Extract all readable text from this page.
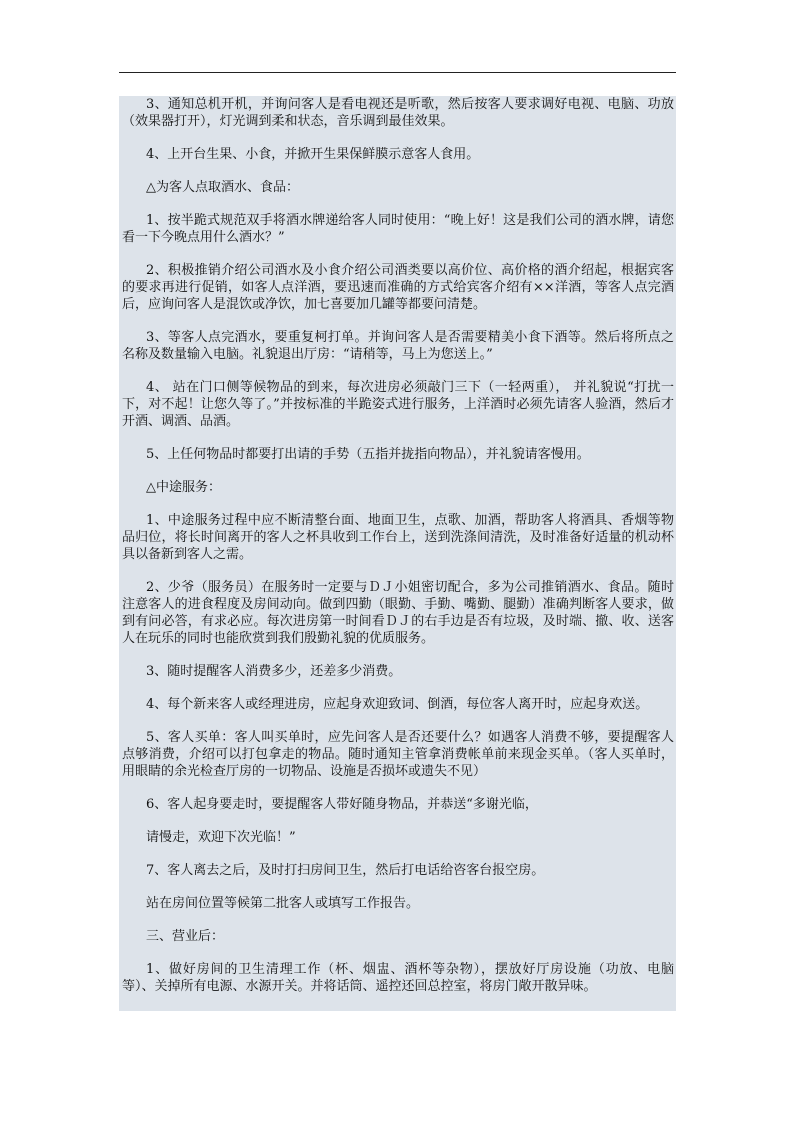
3、通知总机开机，并询问客人是看电视还是听歌，然后按客人要求调好电视、电脑、功放（效果器打开），灯光调到柔和状态，音乐调到最佳效果。

4、上开台生果、小食，并掀开生果保鲜膜示意客人食用。

△为客人点取酒水、食品：

1、按半跪式规范双手将酒水牌递给客人同时使用：“晚上好！这是我们公司的酒水牌，请您看一下今晚点用什么酒水？”

2、积极推销介绍公司酒水及小食介绍公司酒类要以高价位、高价格的酒介绍起，根据宾客的要求再进行促销，如客人点洋酒，要迅速而准确的方式给宾客介绍有××洋酒，等客人点完酒后，应询问客人是混饮或净饮，加七喜要加几罐等都要问清楚。

3、等客人点完酒水，要重复柯打单。并询问客人是否需要精美小食下酒等。然后将所点之名称及数量输入电脑。礼貌退出厅房：“请稍等，马上为您送上。”

4、 站在门口侧等候物品的到来，每次进房必须敲门三下（一轻两重）， 并礼貌说“打扰一下，对不起！让您久等了。”并按标准的半跪姿式进行服务，上洋酒时必须先请客人验酒，然后才开酒、调酒、品酒。

5、上任何物品时都要打出请的手势（五指并拢指向物品），并礼貌请客慢用。

△中途服务：

1、中途服务过程中应不断清整台面、地面卫生，点歌、加酒，帮助客人将酒具、香烟等物品归位，将长时间离开的客人之杯具收到工作台上，送到洗涤间清洗，及时准备好适量的机动杯具以备新到客人之需。

2、少爷（服务员）在服务时一定要与ＤＪ小姐密切配合，多为公司推销酒水、食品。随时注意客人的进食程度及房间动向。做到四勤（眼勤、手勤、嘴勤、腿勤）准确判断客人要求，做到有问必答，有求必应。每次进房第一时间看ＤＪ的右手边是否有垃圾，及时端、撤、收、送客人在玩乐的同时也能欣赏到我们殷勤礼貌的优质服务。

3、随时提醒客人消费多少，还差多少消费。

4、每个新来客人或经理进房，应起身欢迎致词、倒酒，每位客人离开时，应起身欢送。

5、客人买单：客人叫买单时，应先问客人是否还要什么？如遇客人消费不够，要提醒客人点够消费，介绍可以打包拿走的物品。随时通知主管拿消费帐单前来现金买单。（客人买单时，用眼睛的余光检查厅房的一切物品、设施是否损坏或遗失不见）

6、客人起身要走时，要提醒客人带好随身物品，并恭送“多谢光临，

请慢走，欢迎下次光临！”

7、客人离去之后，及时打扫房间卫生，然后打电话给咨客台报空房。

站在房间位置等候第二批客人或填写工作报告。

三、营业后：

1、做好房间的卫生清理工作（杯、烟盅、酒杯等杂物），摆放好厅房设施（功放、电脑等）、关掉所有电源、水源开关。并将话筒、遥控还回总控室，将房门敞开散异味。
